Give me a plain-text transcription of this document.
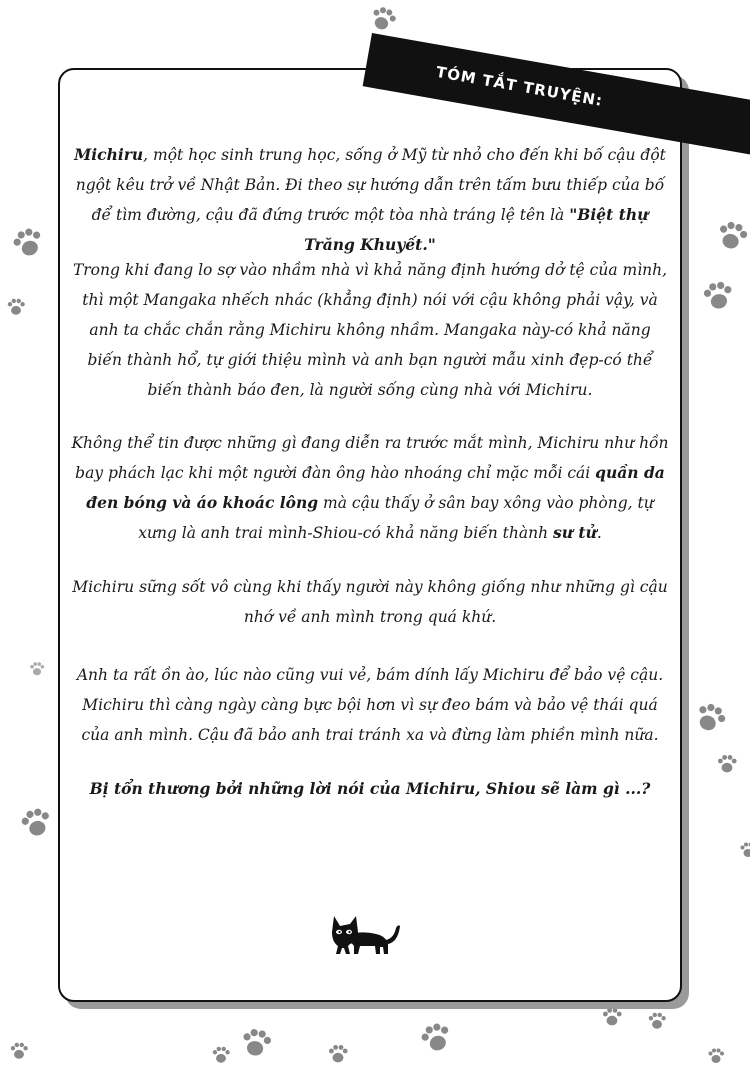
TÓM TẮT TRUYỆN:

Michiru, một học sinh trung học, sống ở Mỹ từ nhỏ cho đến khi bố cậu đột ngột kêu trở về Nhật Bản. Đi theo sự hướng dẫn trên tấm bưu thiếp của bố để tìm đường, cậu đã đứng trước một tòa nhà tráng lệ tên là "Biệt thự Trăng Khuyết."

Trong khi đang lo sợ vào nhầm nhà vì khả năng định hướng dở tệ của mình, thì một Mangaka nhếch nhác (khẳng định) nói với cậu không phải vậy, và anh ta chắc chắn rằng Michiru không nhầm. Mangaka này-có khả năng biến thành hổ, tự giới thiệu mình và anh bạn người mẫu xinh đẹp-có thể biến thành báo đen, là người sống cùng nhà với Michiru.

Không thể tin được những gì đang diễn ra trước mắt mình, Michiru như hồn bay phách lạc khi một người đàn ông hào nhoáng chỉ mặc mỗi cái quần da đen bóng và áo khoác lông mà cậu thấy ở sân bay xông vào phòng, tự xưng là anh trai mình-Shiou-có khả năng biến thành sư tử.

Michiru sững sốt vô cùng khi thấy người này không giống như những gì cậu nhớ về anh mình trong quá khứ.

Anh ta rất ồn ào, lúc nào cũng vui vẻ, bám dính lấy Michiru để bảo vệ cậu. Michiru thì càng ngày càng bực bội hơn vì sự đeo bám và bảo vệ thái quá của anh mình. Cậu đã bảo anh trai tránh xa và đừng làm phiền mình nữa.

Bị tổn thương bởi những lời nói của Michiru, Shiou sẽ làm gì ...?
